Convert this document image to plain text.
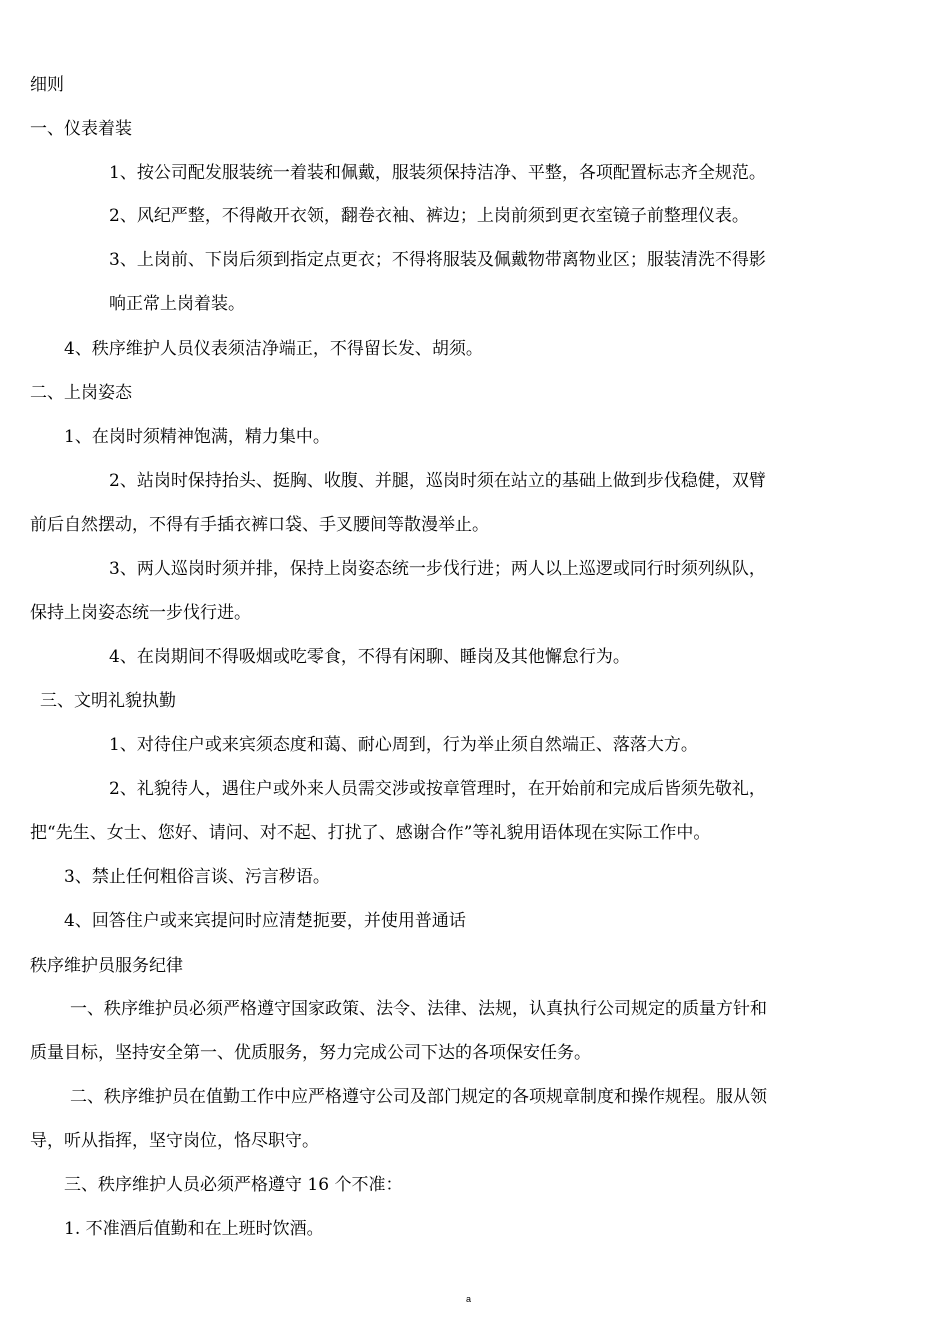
细则
一、仪表着装
1、按公司配发服装统一着装和佩戴，服装须保持洁净、平整，各项配置标志齐全规范。
2、风纪严整，不得敞开衣领，翻卷衣袖、裤边；上岗前须到更衣室镜子前整理仪表。
3、上岗前、下岗后须到指定点更衣；不得将服装及佩戴物带离物业区；服装清洗不得影
响正常上岗着装。
4、秩序维护人员仪表须洁净端正，不得留长发、胡须。
二、上岗姿态
1、在岗时须精神饱满，精力集中。
2、站岗时保持抬头、挺胸、收腹、并腿，巡岗时须在站立的基础上做到步伐稳健，双臂
前后自然摆动，不得有手插衣裤口袋、手叉腰间等散漫举止。
3、两人巡岗时须并排，保持上岗姿态统一步伐行进；两人以上巡逻或同行时须列纵队，
保持上岗姿态统一步伐行进。
4、在岗期间不得吸烟或吃零食，不得有闲聊、睡岗及其他懈怠行为。
三、文明礼貌执勤
1、对待住户或来宾须态度和蔼、耐心周到，行为举止须自然端正、落落大方。
2、礼貌待人，遇住户或外来人员需交涉或按章管理时，在开始前和完成后皆须先敬礼，
把“先生、女士、您好、请问、对不起、打扰了、感谢合作”等礼貌用语体现在实际工作中。
3、禁止任何粗俗言谈、污言秽语。
4、回答住户或来宾提问时应清楚扼要，并使用普通话
秩序维护员服务纪律
一、秩序维护员必须严格遵守国家政策、法令、法律、法规，认真执行公司规定的质量方针和
质量目标，坚持安全第一、优质服务，努力完成公司下达的各项保安任务。
二、秩序维护员在值勤工作中应严格遵守公司及部门规定的各项规章制度和操作规程。服从领
导，听从指挥，坚守岗位，恪尽职守。
三、秩序维护人员必须严格遵守 16 个不准：
1. 不准酒后值勤和在上班时饮酒。
a
